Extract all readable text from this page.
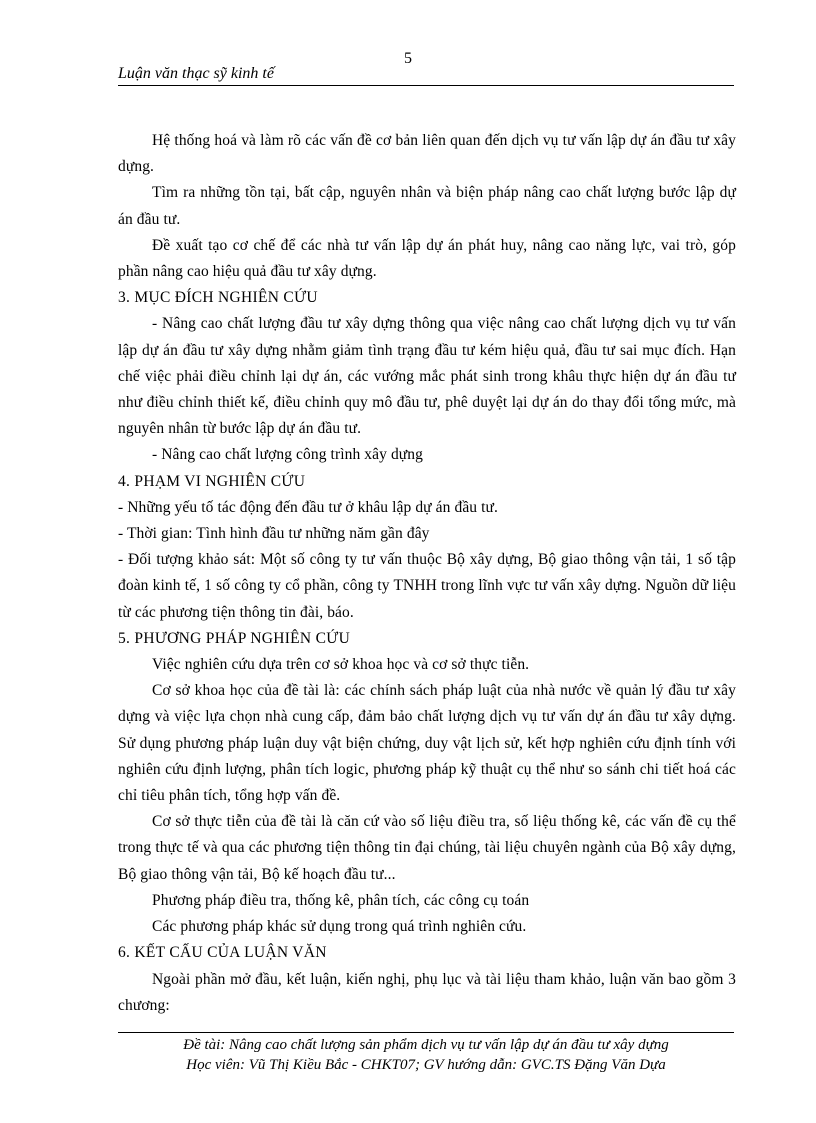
5
Luận văn thạc sỹ kinh tế

Hệ thống hoá và làm rõ các vấn đề cơ bản liên quan đến dịch vụ tư vấn lập dự án đầu tư xây dựng.

Tìm ra những tồn tại, bất cập, nguyên nhân và biện pháp nâng cao chất lượng bước lập dự án đầu tư.

Đề xuất tạo cơ chế để các nhà tư vấn lập dự án phát huy, nâng cao năng lực, vai trò, góp phần nâng cao hiệu quả đầu tư xây dựng.

3. MỤC ĐÍCH NGHIÊN CỨU

- Nâng cao chất lượng đầu tư xây dựng thông qua việc nâng cao chất lượng dịch vụ tư vấn lập dự án đầu tư xây dựng nhằm giảm tình trạng đầu tư kém hiệu quả, đầu tư sai mục đích. Hạn chế việc phải điều chỉnh lại dự án, các vướng mắc phát sinh trong khâu thực hiện dự án đầu tư như điều chỉnh thiết kế, điều chỉnh quy mô đầu tư, phê duyệt lại dự án do thay đổi tổng mức, mà nguyên nhân từ bước lập dự án đầu tư.

- Nâng cao chất lượng công trình xây dựng

4. PHẠM VI NGHIÊN CỨU

- Những yếu tố tác động đến đầu tư ở khâu lập dự án đầu tư.

- Thời gian: Tình hình đầu tư những năm gần đây

- Đối tượng khảo sát: Một số công ty tư vấn thuộc Bộ xây dựng, Bộ giao thông vận tải, 1 số tập đoàn kinh tế, 1 số công ty cổ phần, công ty TNHH trong lĩnh vực tư vấn xây dựng. Nguồn dữ liệu từ các phương tiện thông tin đài, báo.

5. PHƯƠNG PHÁP NGHIÊN CỨU

Việc nghiên cứu dựa trên cơ sở khoa học và cơ sở thực tiễn.

Cơ sở khoa học của đề tài là: các chính sách pháp luật của nhà nước về quản lý đầu tư xây dựng và việc lựa chọn nhà cung cấp, đảm bảo chất lượng dịch vụ tư vấn dự án đầu tư xây dựng. Sử dụng phương pháp luận duy vật biện chứng, duy vật lịch sử, kết hợp nghiên cứu định tính với nghiên cứu định lượng, phân tích logic, phương pháp kỹ thuật cụ thể như so sánh chi tiết hoá các chỉ tiêu phân tích, tổng hợp vấn đề.

Cơ sở thực tiễn của đề tài là căn cứ vào số liệu điều tra, số liệu thống kê, các vấn đề cụ thể trong thực tế và qua các phương tiện thông tin đại chúng, tài liệu chuyên ngành của Bộ xây dựng, Bộ giao thông vận tải, Bộ kế hoạch đầu tư...

Phương pháp điều tra, thống kê, phân tích, các công cụ toán

Các phương pháp khác sử dụng trong quá trình nghiên cứu.

6. KẾT CẤU CỦA LUẬN VĂN

Ngoài phần mở đầu, kết luận, kiến nghị, phụ lục và tài liệu tham khảo, luận văn bao gồm 3 chương:

Đề tài: Nâng cao chất lượng sản phẩm dịch vụ tư vấn lập dự án đầu tư xây dựng
Học viên: Vũ Thị Kiều Bắc - CHKT07; GV hướng dẫn: GVC.TS Đặng Văn Dựa
